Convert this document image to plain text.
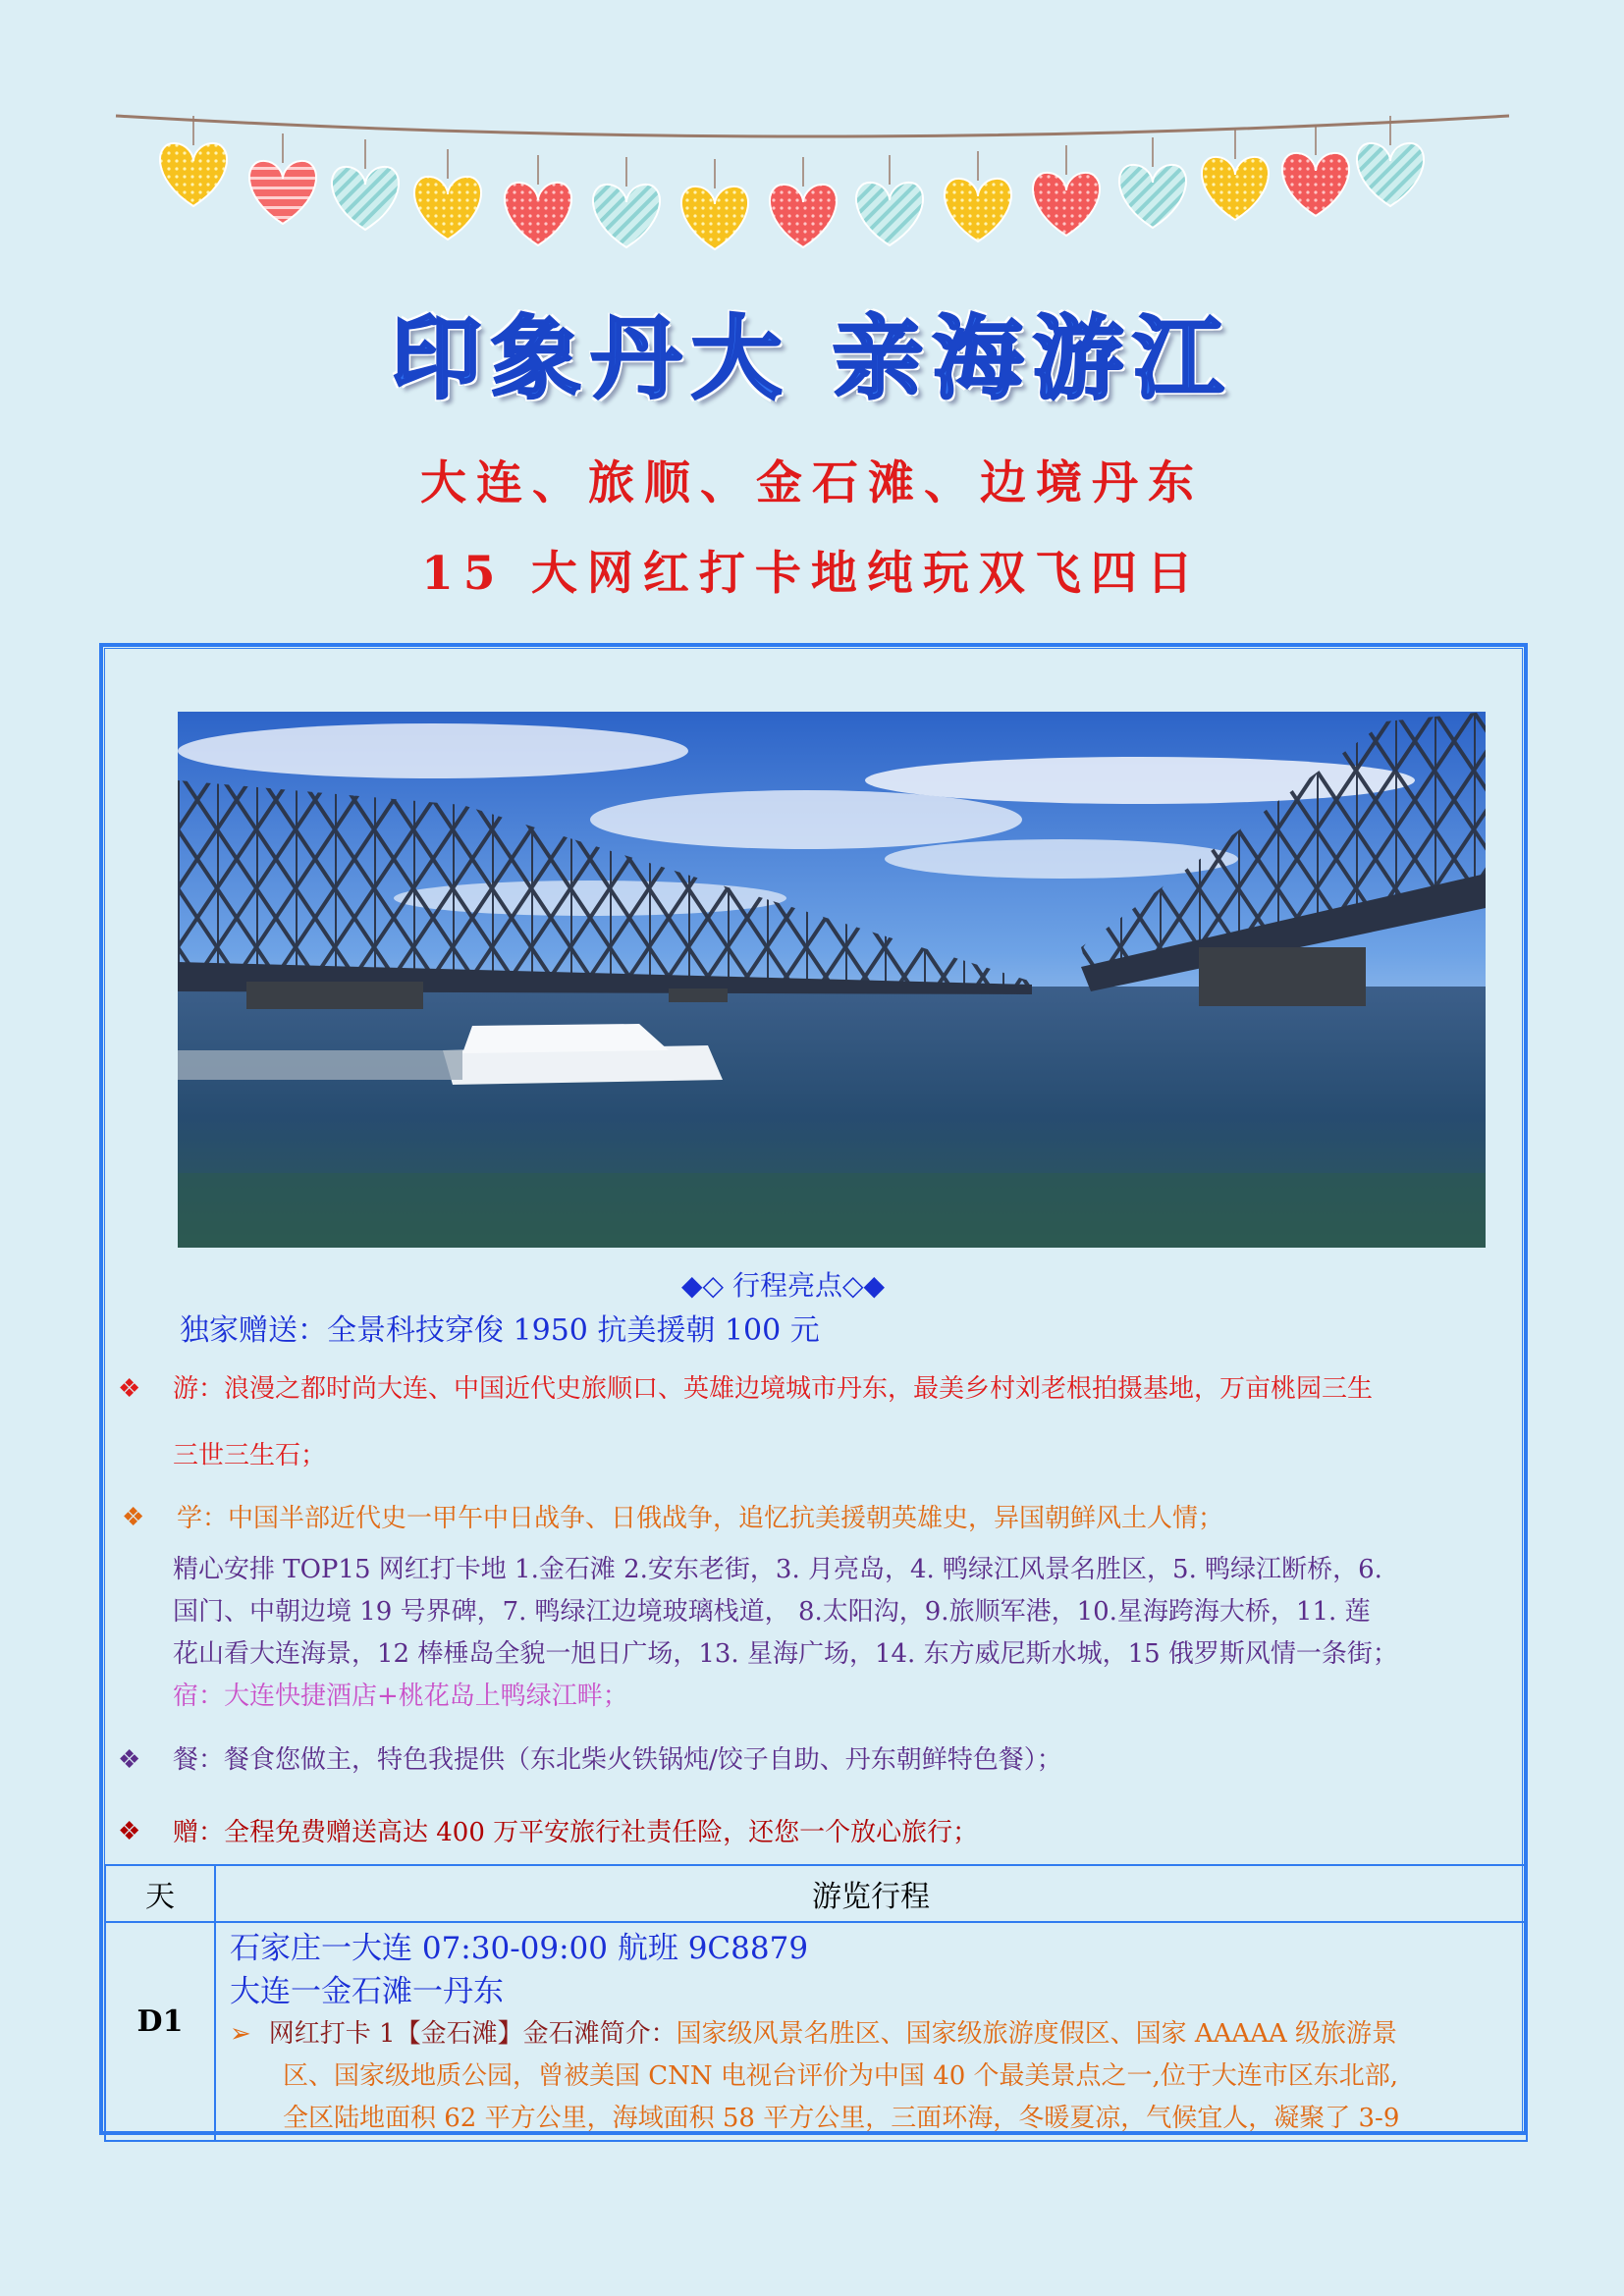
印象丹大 亲海游江
大连、旅顺、金石滩、边境丹东
15 大网红打卡地纯玩双飞四日
◆◇ 行程亮点◇◆
独家赠送：全景科技穿俊 1950 抗美援朝 100 元
❖ 游：浪漫之都时尚大连、中国近代史旅顺口、英雄边境城市丹东，最美乡村刘老根拍摄基地，万亩桃园三生
三世三生石；
❖ 学：中国半部近代史一甲午中日战争、日俄战争，追忆抗美援朝英雄史，异国朝鲜风土人情；
精心安排 TOP15 网红打卡地 1.金石滩 2.安东老街，3. 月亮岛，4. 鸭绿江风景名胜区，5. 鸭绿江断桥，6.
国门、中朝边境 19 号界碑，7. 鸭绿江边境玻璃栈道， 8.太阳沟，9.旅顺军港，10.星海跨海大桥，11. 莲
花山看大连海景，12 棒棰岛全貌一旭日广场，13. 星海广场，14. 东方威尼斯水城，15 俄罗斯风情一条街；
宿：大连快捷酒店+桃花岛上鸭绿江畔；
❖ 餐：餐食您做主，特色我提供（东北柴火铁锅炖/饺子自助、丹东朝鲜特色餐）；
❖ 赠：全程免费赠送高达 400 万平安旅行社责任险，还您一个放心旅行；
天	游览行程
D1	石家庄一大连 07:30-09:00 航班 9C8879
大连一金石滩一丹东
➢ 网红打卡 1【金石滩】金石滩简介：国家级风景名胜区、国家级旅游度假区、国家 AAAAA 级旅游景
区、国家级地质公园，曾被美国 CNN 电视台评价为中国 40 个最美景点之一,位于大连市区东北部,
全区陆地面积 62 平方公里，海域面积 58 平方公里，三面环海，冬暖夏凉，气候宜人，凝聚了 3-9
